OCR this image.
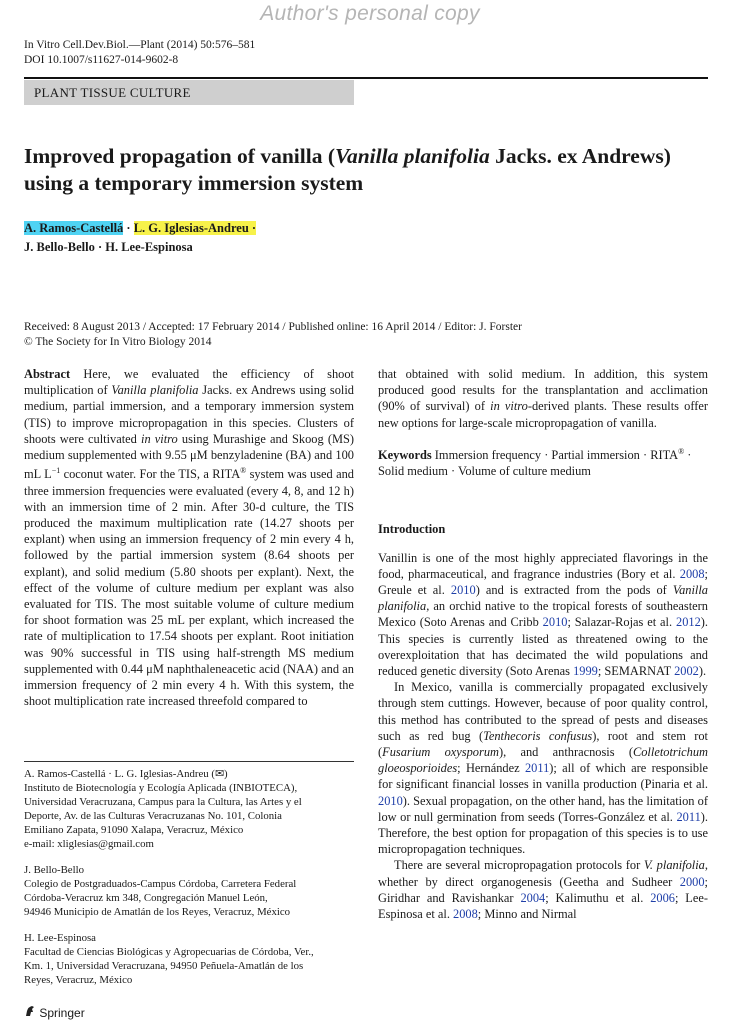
Author's personal copy
In Vitro Cell.Dev.Biol.—Plant (2014) 50:576–581
DOI 10.1007/s11627-014-9602-8
PLANT TISSUE CULTURE
Improved propagation of vanilla (Vanilla planifolia Jacks. ex Andrews) using a temporary immersion system
A. Ramos-Castellá · L. G. Iglesias-Andreu ·
J. Bello-Bello · H. Lee-Espinosa
Received: 8 August 2013 / Accepted: 17 February 2014 / Published online: 16 April 2014 / Editor: J. Forster
© The Society for In Vitro Biology 2014

Abstract Here, we evaluated the efficiency of shoot multiplication of Vanilla planifolia Jacks. ex Andrews using solid medium, partial immersion, and a temporary immersion system (TIS) to improve micropropagation in this species. Clusters of shoots were cultivated in vitro using Murashige and Skoog (MS) medium supplemented with 9.55 μM benzyladenine (BA) and 100 mL $L^{-1}$ coconut water. For the TIS, a RITA® system was used and three immersion frequencies were evaluated (every 4, 8, and 12 h) with an immersion time of 2 min. After 30-d culture, the TIS produced the maximum multiplication rate (14.27 shoots per explant) when using an immersion frequency of 2 min every 4 h, followed by the partial immersion system (8.64 shoots per explant), and solid medium (5.80 shoots per explant). Next, the effect of the volume of culture medium per explant was also evaluated for TIS. The most suitable volume of culture medium for shoot formation was 25 mL per explant, which increased the rate of multiplication to 17.54 shoots per explant. Root initiation was 90% successful in TIS using half-strength MS medium supplemented with 0.44 μM naphthaleneacetic acid (NAA) and an immersion frequency of 2 min every 4 h. With this system, the shoot multiplication rate increased threefold compared to

A. Ramos-Castellá · L. G. Iglesias-Andreu (✉)

Instituto de Biotecnología y Ecología Aplicada (INBIOTECA),

Universidad Veracruzana, Campus para la Cultura, las Artes y el

Deporte, Av. de las Culturas Veracruzanas No. 101, Colonia

Emiliano Zapata, 91090 Xalapa, Veracruz, México

e-mail: xliglesias@gmail.com

J. Bello-Bello

Colegio de Postgraduados-Campus Córdoba, Carretera Federal

Córdoba-Veracruz km 348, Congregación Manuel León,

94946 Municipio de Amatlán de los Reyes, Veracruz, México

H. Lee-Espinosa

Facultad de Ciencias Biológicas y Agropecuarias de Córdoba, Ver.,

Km. 1, Universidad Veracruzana, 94950 Peñuela-Amatlán de los

Reyes, Veracruz, México

that obtained with solid medium. In addition, this system produced good results for the transplantation and acclimation (90% of survival) of in vitro-derived plants. These results offer new options for large-scale micropropagation of vanilla.

Keywords Immersion frequency · Partial immersion · RITA® · Solid medium · Volume of culture medium

Introduction

Vanillin is one of the most highly appreciated flavorings in the food, pharmaceutical, and fragrance industries (Bory et al. 2008; Greule et al. 2010) and is extracted from the pods of Vanilla planifolia, an orchid native to the tropical forests of southeastern Mexico (Soto Arenas and Cribb 2010; Salazar-Rojas et al. 2012). This species is currently listed as threatened owing to the overexploitation that has decimated the wild populations and reduced genetic diversity (Soto Arenas 1999; SEMARNAT 2002).

In Mexico, vanilla is commercially propagated exclusively through stem cuttings. However, because of poor quality control, this method has contributed to the spread of pests and diseases such as red bug (Tenthecoris confusus), root and stem rot (Fusarium oxysporum), and anthracnosis (Colletotrichum gloeosporioides; Hernández 2011); all of which are responsible for significant financial losses in vanilla production (Pinaria et al. 2010). Sexual propagation, on the other hand, has the limitation of low or null germination from seeds (Torres-González et al. 2011). Therefore, the best option for propagation of this species is to use micropropagation techniques.

There are several micropropagation protocols for V. planifolia, whether by direct organogenesis (Geetha and Sudheer 2000; Giridhar and Ravishankar 2004; Kalimuthu et al. 2006; Lee-Espinosa et al. 2008; Minno and Nirmal

Springer
